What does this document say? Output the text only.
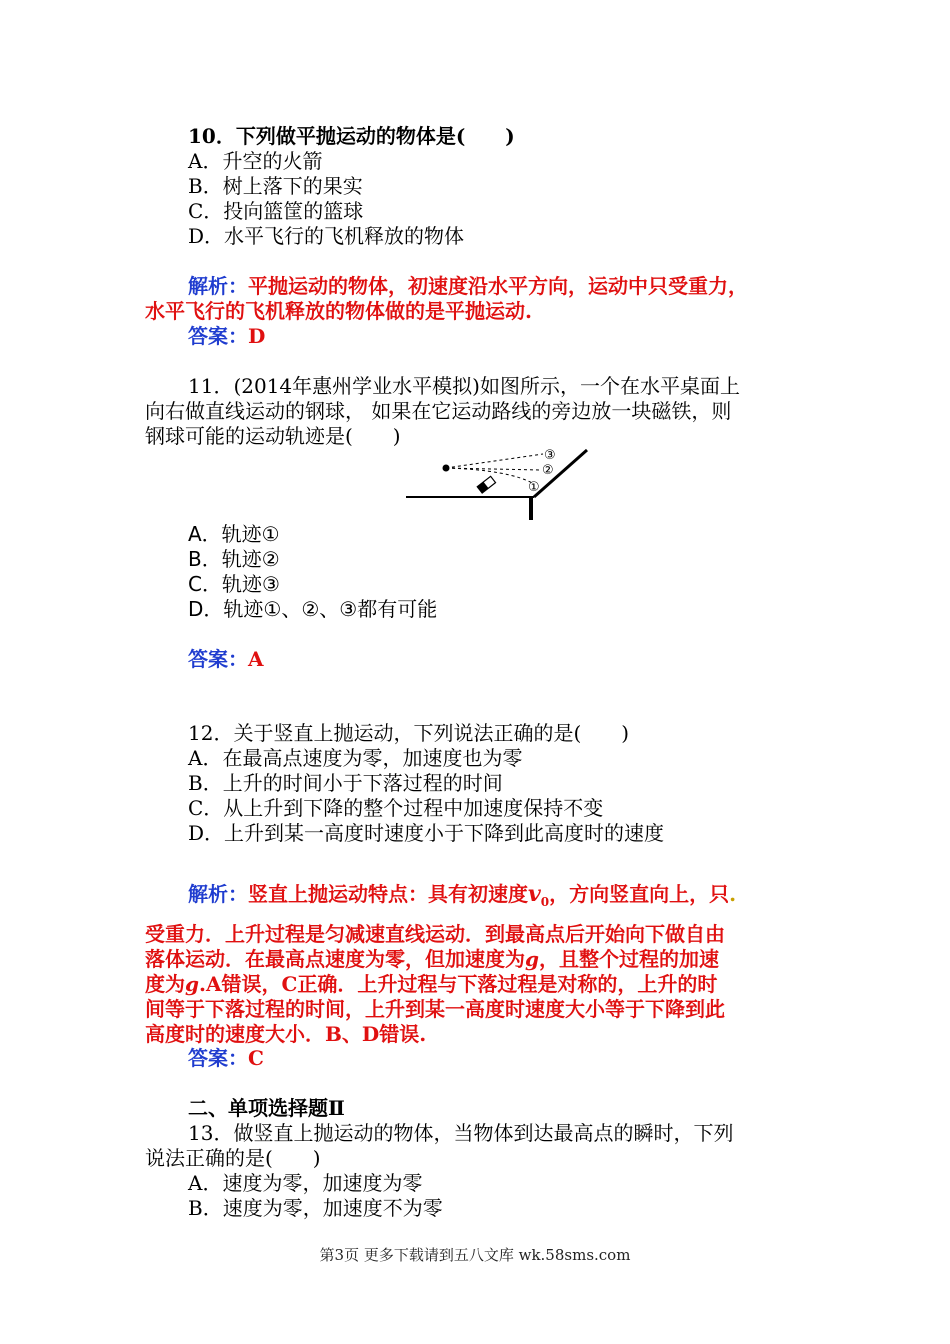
10．下列做平抛运动的物体是(　　)
A．升空的火箭
B．树上落下的果实
C．投向篮筐的篮球
D．水平飞行的飞机释放的物体
解析：平抛运动的物体，初速度沿水平方向，运动中只受重力，
水平飞行的飞机释放的物体做的是平抛运动.
答案：D
11．(2014年惠州学业水平模拟)如图所示，一个在水平桌面上
向右做直线运动的钢球， 如果在它运动路线的旁边放一块磁铁，则
钢球可能的运动轨迹是(　　)
③
②
①
A．轨迹①
B．轨迹②
C．轨迹③
D．轨迹①、②、③都有可能
答案：A
12．关于竖直上抛运动，下列说法正确的是(　　)
A．在最高点速度为零，加速度也为零
B．上升的时间小于下落过程的时间
C．从上升到下降的整个过程中加速度保持不变
D．上升到某一高度时速度小于下降到此高度时的速度
解析：竖直上抛运动特点：具有初速度$v_0$，方向竖直向上，只.
受重力．上升过程是匀减速直线运动．到最高点后开始向下做自由
落体运动．在最高点速度为零，但加速度为g，且整个过程的加速
度为g.A错误，C正确．上升过程与下落过程是对称的，上升的时
间等于下落过程的时间，上升到某一高度时速度大小等于下降到此
高度时的速度大小．B、D错误.
答案：C
二、单项选择题Ⅱ
13．做竖直上抛运动的物体，当物体到达最高点的瞬时，下列
说法正确的是(　　)
A．速度为零，加速度为零
B．速度为零，加速度不为零
第3页 更多下载请到五八文库 wk.58sms.com
